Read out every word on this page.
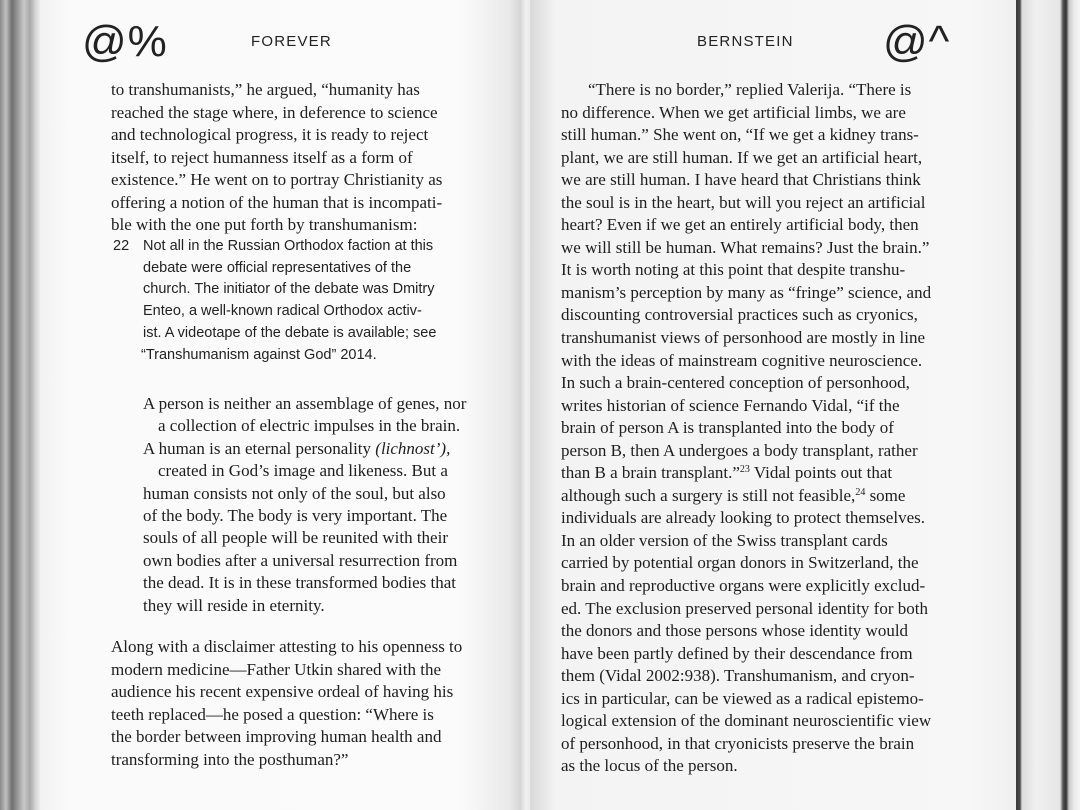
@%	FOREVER
to transhumanists,” he argued, “humanity has
reached the stage where, in deference to science
and technological progress, it is ready to reject
itself, to reject humanness itself as a form of
existence.” He went on to portray Christianity as
offering a notion of the human that is incompati-
ble with the one put forth by transhumanism:
22 Not all in the Russian Orthodox faction at this
debate were official representatives of the
church. The initiator of the debate was Dmitry
Enteo, a well-known radical Orthodox activ-
ist. A videotape of the debate is available; see
“Transhumanism against God” 2014.
A person is neither an assemblage of genes, nor
a collection of electric impulses in the brain.
A human is an eternal personality (lichnost’),
created in God’s image and likeness. But a
human consists not only of the soul, but also
of the body. The body is very important. The
souls of all people will be reunited with their
own bodies after a universal resurrection from
the dead. It is in these transformed bodies that
they will reside in eternity.
Along with a disclaimer attesting to his openness to
modern medicine—Father Utkin shared with the
audience his recent expensive ordeal of having his
teeth replaced—he posed a question: “Where is
the border between improving human health and
transforming into the posthuman?”
BERNSTEIN @^
“There is no border,” replied Valerija. “There is
no difference. When we get artificial limbs, we are
still human.” She went on, “If we get a kidney trans-
plant, we are still human. If we get an artificial heart,
we are still human. I have heard that Christians think
the soul is in the heart, but will you reject an artificial
heart? Even if we get an entirely artificial body, then
we will still be human. What remains? Just the brain.”
It is worth noting at this point that despite transhu-
manism’s perception by many as “fringe” science, and
discounting controversial practices such as cryonics,
transhumanist views of personhood are mostly in line
with the ideas of mainstream cognitive neuroscience.
In such a brain-centered conception of personhood,
writes historian of science Fernando Vidal, “if the
brain of person A is transplanted into the body of
person B, then A undergoes a body transplant, rather
than B a brain transplant.”$^{23}$ Vidal points out that
although such a surgery is still not feasible,$^{24}$ some
individuals are already looking to protect themselves.
In an older version of the Swiss transplant cards
carried by potential organ donors in Switzerland, the
brain and reproductive organs were explicitly exclud-
ed. The exclusion preserved personal identity for both
the donors and those persons whose identity would
have been partly defined by their descendance from
them (Vidal 2002:938). Transhumanism, and cryon-
ics in particular, can be viewed as a radical epistemo-
logical extension of the dominant neuroscientific view
of personhood, in that cryonicists preserve the brain
as the locus of the person.
